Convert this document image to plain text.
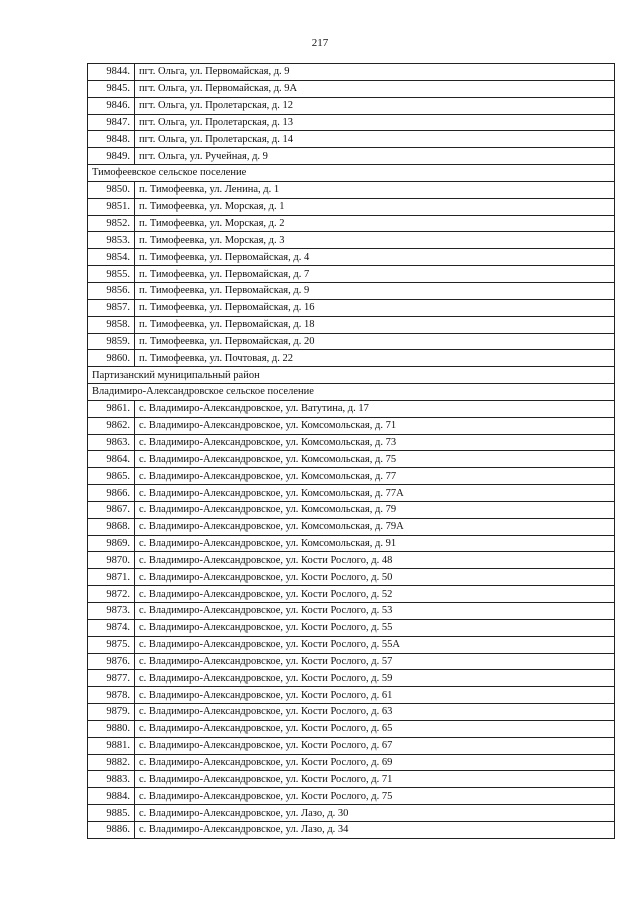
217
9844.	пгт. Ольга, ул. Первомайская, д. 9
9845.	пгт. Ольга, ул. Первомайская, д. 9А
9846.	пгт. Ольга, ул. Пролетарская, д. 12
9847.	пгт. Ольга, ул. Пролетарская, д. 13
9848.	пгт. Ольга, ул. Пролетарская, д. 14
9849.	пгт. Ольга, ул. Ручейная, д. 9
Тимофеевское сельское поселение	
9850.	п. Тимофеевка, ул. Ленина, д. 1
9851.	п. Тимофеевка, ул. Морская, д. 1
9852.	п. Тимофеевка, ул. Морская, д. 2
9853.	п. Тимофеевка, ул. Морская, д. 3
9854.	п. Тимофеевка, ул. Первомайская, д. 4
9855.	п. Тимофеевка, ул. Первомайская, д. 7
9856.	п. Тимофеевка, ул. Первомайская, д. 9
9857.	п. Тимофеевка, ул. Первомайская, д. 16
9858.	п. Тимофеевка, ул. Первомайская, д. 18
9859.	п. Тимофеевка, ул. Первомайская, д. 20
9860.	п. Тимофеевка, ул. Почтовая, д. 22
Партизанский муниципальный район	
Владимиро-Александровское сельское поселение	
9861.	с. Владимиро-Александровское, ул. Ватутина, д. 17
9862.	с. Владимиро-Александровское, ул. Комсомольская, д. 71
9863.	с. Владимиро-Александровское, ул. Комсомольская, д. 73
9864.	с. Владимиро-Александровское, ул. Комсомольская, д. 75
9865.	с. Владимиро-Александровское, ул. Комсомольская, д. 77
9866.	с. Владимиро-Александровское, ул. Комсомольская, д. 77А
9867.	с. Владимиро-Александровское, ул. Комсомольская, д. 79
9868.	с. Владимиро-Александровское, ул. Комсомольская, д. 79А
9869.	с. Владимиро-Александровское, ул. Комсомольская, д. 91
9870.	с. Владимиро-Александровское, ул. Кости Рослого, д. 48
9871.	с. Владимиро-Александровское, ул. Кости Рослого, д. 50
9872.	с. Владимиро-Александровское, ул. Кости Рослого, д. 52
9873.	с. Владимиро-Александровское, ул. Кости Рослого, д. 53
9874.	с. Владимиро-Александровское, ул. Кости Рослого, д. 55
9875.	с. Владимиро-Александровское, ул. Кости Рослого, д. 55А
9876.	с. Владимиро-Александровское, ул. Кости Рослого, д. 57
9877.	с. Владимиро-Александровское, ул. Кости Рослого, д. 59
9878.	с. Владимиро-Александровское, ул. Кости Рослого, д. 61
9879.	с. Владимиро-Александровское, ул. Кости Рослого, д. 63
9880.	с. Владимиро-Александровское, ул. Кости Рослого, д. 65
9881.	с. Владимиро-Александровское, ул. Кости Рослого, д. 67
9882.	с. Владимиро-Александровское, ул. Кости Рослого, д. 69
9883.	с. Владимиро-Александровское, ул. Кости Рослого, д. 71
9884.	с. Владимиро-Александровское, ул. Кости Рослого, д. 75
9885.	с. Владимиро-Александровское, ул. Лазо, д. 30
9886.	с. Владимиро-Александровское, ул. Лазо, д. 34
